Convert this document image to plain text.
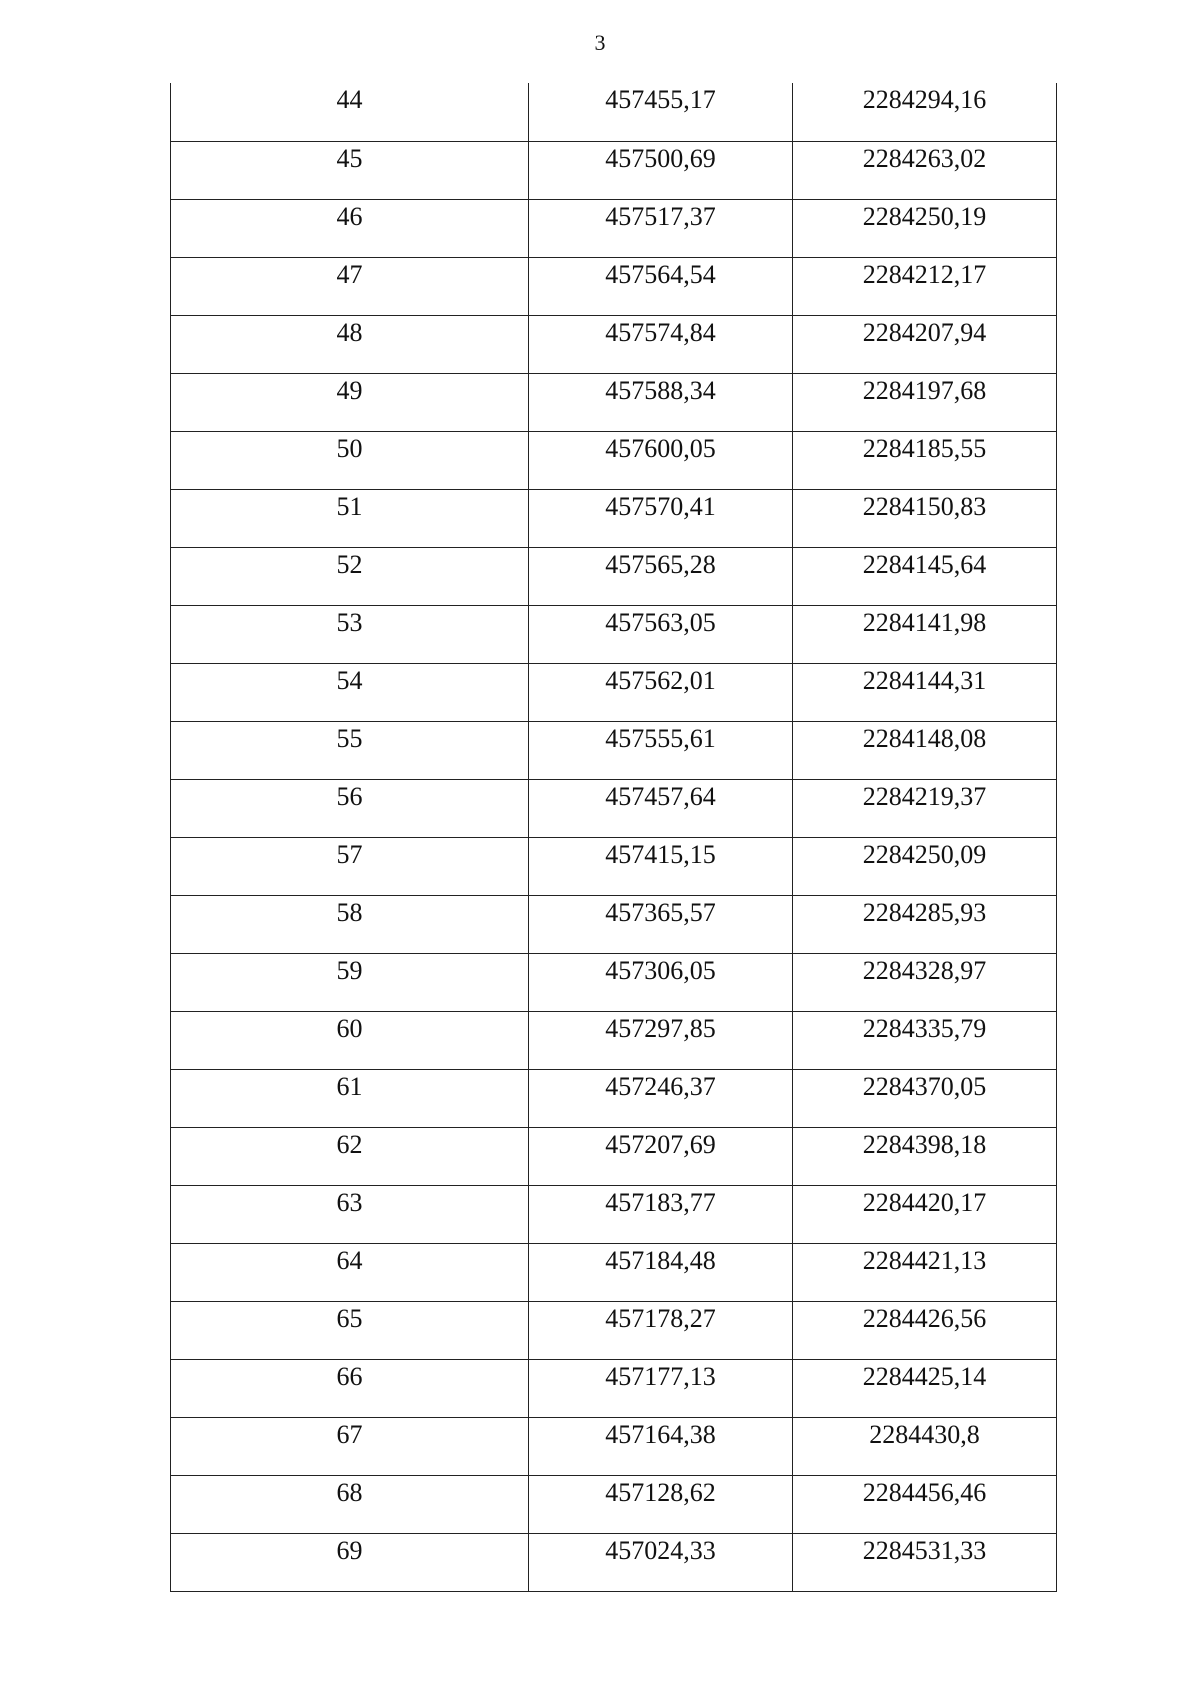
3
44	457455,17	2284294,16
45	457500,69	2284263,02
46	457517,37	2284250,19
47	457564,54	2284212,17
48	457574,84	2284207,94
49	457588,34	2284197,68
50	457600,05	2284185,55
51	457570,41	2284150,83
52	457565,28	2284145,64
53	457563,05	2284141,98
54	457562,01	2284144,31
55	457555,61	2284148,08
56	457457,64	2284219,37
57	457415,15	2284250,09
58	457365,57	2284285,93
59	457306,05	2284328,97
60	457297,85	2284335,79
61	457246,37	2284370,05
62	457207,69	2284398,18
63	457183,77	2284420,17
64	457184,48	2284421,13
65	457178,27	2284426,56
66	457177,13	2284425,14
67	457164,38	2284430,8
68	457128,62	2284456,46
69	457024,33	2284531,33
